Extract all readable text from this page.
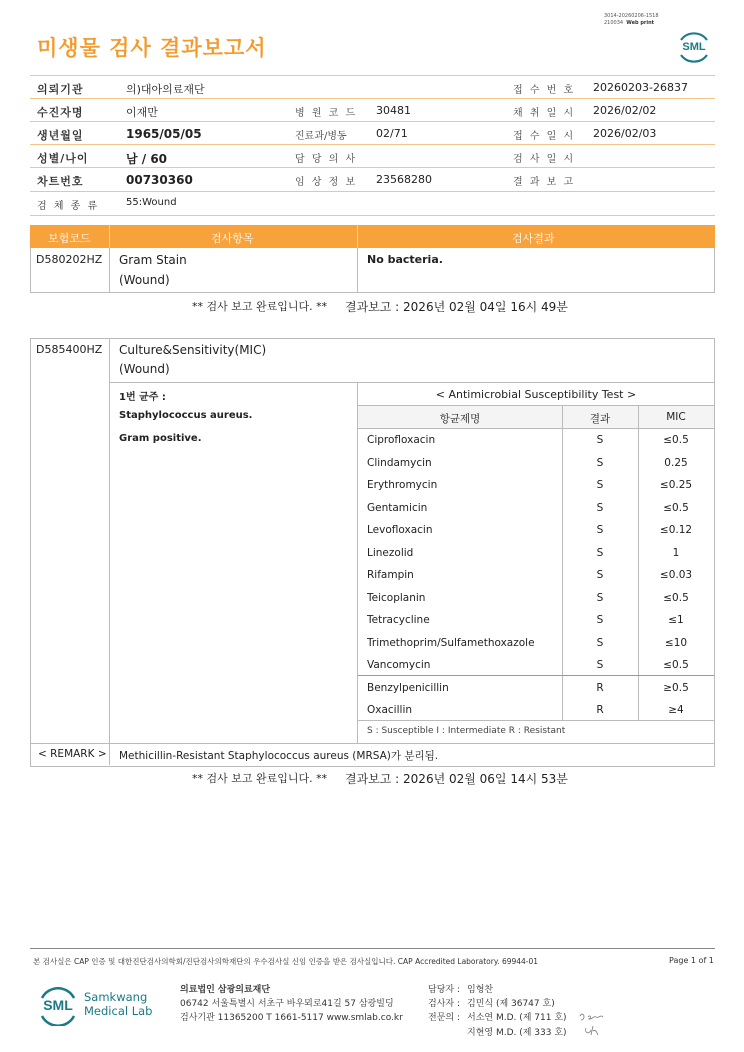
미생물 검사 결과보고서
3014-20260206-1518
210034 Web print
SML
의뢰기관	의)대아의료재단	접 수 번 호 20260203-26837
수진자명	이재만	병 원 코 드 30481	채 취 일 시 2026/02/02
생년월일	1965/05/05	진료과/병동	02/71	접 수 일 시 2026/02/03
성별/나이	남 / 60	담 당 의 사	검 사 일 시
차트번호	00730360	임 상 정 보 23568280	결 과 보 고
검 체 종 류	55:Wound
보험코드	검사항목	검사결과
D580202HZ Gram Stain
(Wound)
No bacteria.
** 검사 보고 완료입니다. ** 결과보고 : 2026년 02월 04일 16시 49분
D585400HZ Culture&Sensitivity(MIC)
(Wound)
1번 균주 :
Staphylococcus aureus.
Gram positive.
< Antimicrobial Susceptibility Test >
항균제명	결과	MIC
Ciprofloxacin	S	≤0.5
Clindamycin	S	0.25
Erythromycin	S	≤0.25
Gentamicin	S	≤0.5
Levofloxacin	S	≤0.12
Linezolid	S	1
Rifampin	S	≤0.03
Teicoplanin	S	≤0.5
Tetracycline	S	≤1
Trimethoprim/Sulfamethoxazole	S	≤10
Vancomycin	S	≤0.5
Benzylpenicillin	R	≥0.5
Oxacillin	R	≥4
S : Susceptible I : Intermediate R : Resistant
< REMARK > Methicillin-Resistant Staphylococcus aureus (MRSA)가 분리됨.
** 검사 보고 완료입니다. ** 결과보고 : 2026년 02월 06일 14시 53분
본 검사실은 CAP 인증 및 대한진단검사의학회/진단검사의학재단의 우수검사실 신임 인증을 받은 검사실입니다. CAP Accredited Laboratory. 69944-01	Page 1 of 1
SML Samkwang
Medical Lab
의료법인 삼광의료재단
06742 서울특별시 서초구 바우뫼로41길 57 삼광빌딩
검사기관 11365200 T 1661-5117 www.smlab.co.kr
담당자 : 임형찬
검사자 : 김민식 (제 36747 호)
전문의 : 서소연 M.D. (제 711 호)
지현영 M.D. (제 333 호)
